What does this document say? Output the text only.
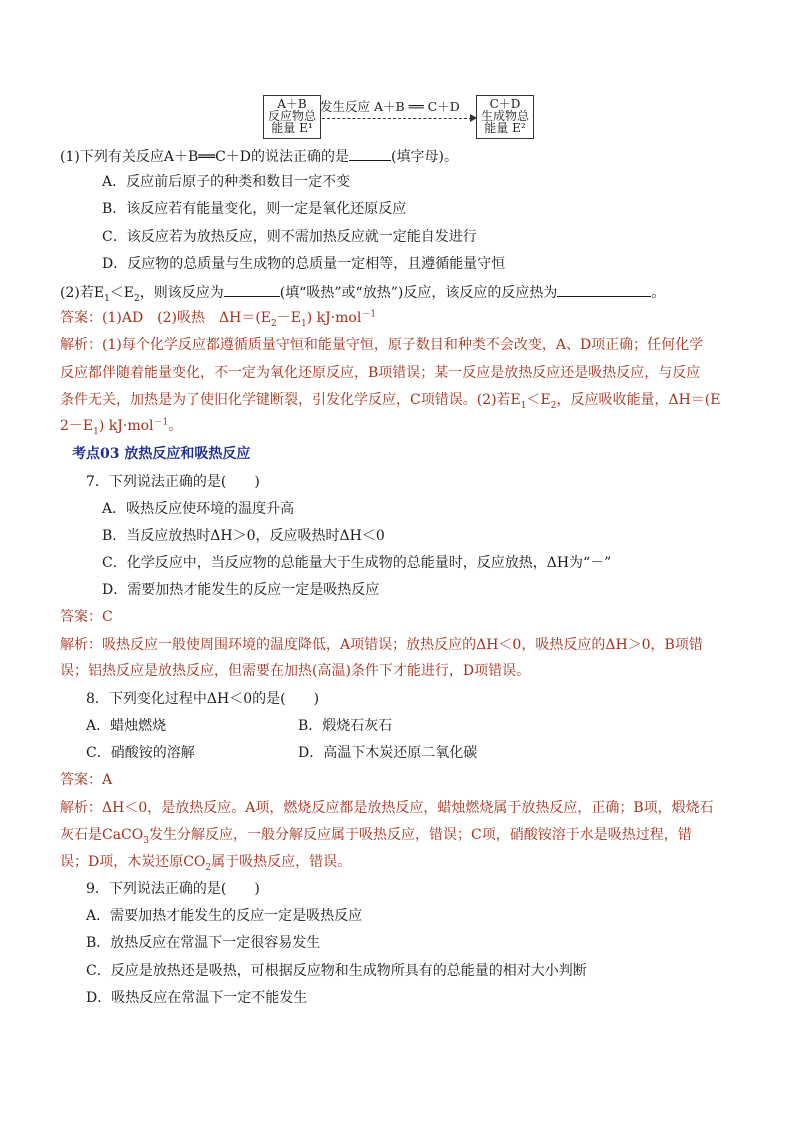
A＋B
反应物总
能量 E¹
发生反应 A＋B ══ C＋D	C＋D
生成物总
能量 E²
(1)下列有关反应A＋B══C＋D的说法正确的是	(填字母)。
A．反应前后原子的种类和数目一定不变
B．该反应若有能量变化，则一定是氧化还原反应
C．该反应若为放热反应，则不需加热反应就一定能自发进行
D．反应物的总质量与生成物的总质量一定相等，且遵循能量守恒
(2)若$E_1<E_2$，则该反应为	(填“吸热”或“放热”)反应，该反应的反应热为	。
答案：(1)AD　(2)吸热　$\Delta H=(E_2-E_1)$ kJ·mol$^{-1}$
解析：(1)每个化学反应都遵循质量守恒和能量守恒，原子数目和种类不会改变，A、D项正确；任何化学
反应都伴随着能量变化，不一定为氧化还原反应，B项错误；某一反应是放热反应还是吸热反应，与反应
条件无关，加热是为了使旧化学键断裂，引发化学反应，C项错误。(2)若$E_1<E_2$，反应吸收能量，ΔH＝(E
$2-E_1$) kJ·mol$^{-1}$。
考点03 放热反应和吸热反应
7．下列说法正确的是(　　)
A．吸热反应使环境的温度升高
B．当反应放热时ΔH＞0，反应吸热时ΔH＜0
C．化学反应中，当反应物的总能量大于生成物的总能量时，反应放热，ΔH为“－”
D．需要加热才能发生的反应一定是吸热反应
答案：C
解析：吸热反应一般使周围环境的温度降低，A项错误；放热反应的ΔH＜0，吸热反应的ΔH＞0，B项错
误；铝热反应是放热反应，但需要在加热(高温)条件下才能进行，D项错误。
8．下列变化过程中ΔH＜0的是(　　)
A．蜡烛燃烧	B．煅烧石灰石
C．硝酸铵的溶解	D．高温下木炭还原二氧化碳
答案：A
解析：ΔH＜0，是放热反应。A项，燃烧反应都是放热反应，蜡烛燃烧属于放热反应，正确；B项，煅烧石
灰石是CaCO$_3$发生分解反应，一般分解反应属于吸热反应，错误；C项，硝酸铵溶于水是吸热过程，错
误；D项，木炭还原$CO_2$属于吸热反应，错误。
9．下列说法正确的是(　　)
A．需要加热才能发生的反应一定是吸热反应
B．放热反应在常温下一定很容易发生
C．反应是放热还是吸热，可根据反应物和生成物所具有的总能量的相对大小判断
D．吸热反应在常温下一定不能发生
